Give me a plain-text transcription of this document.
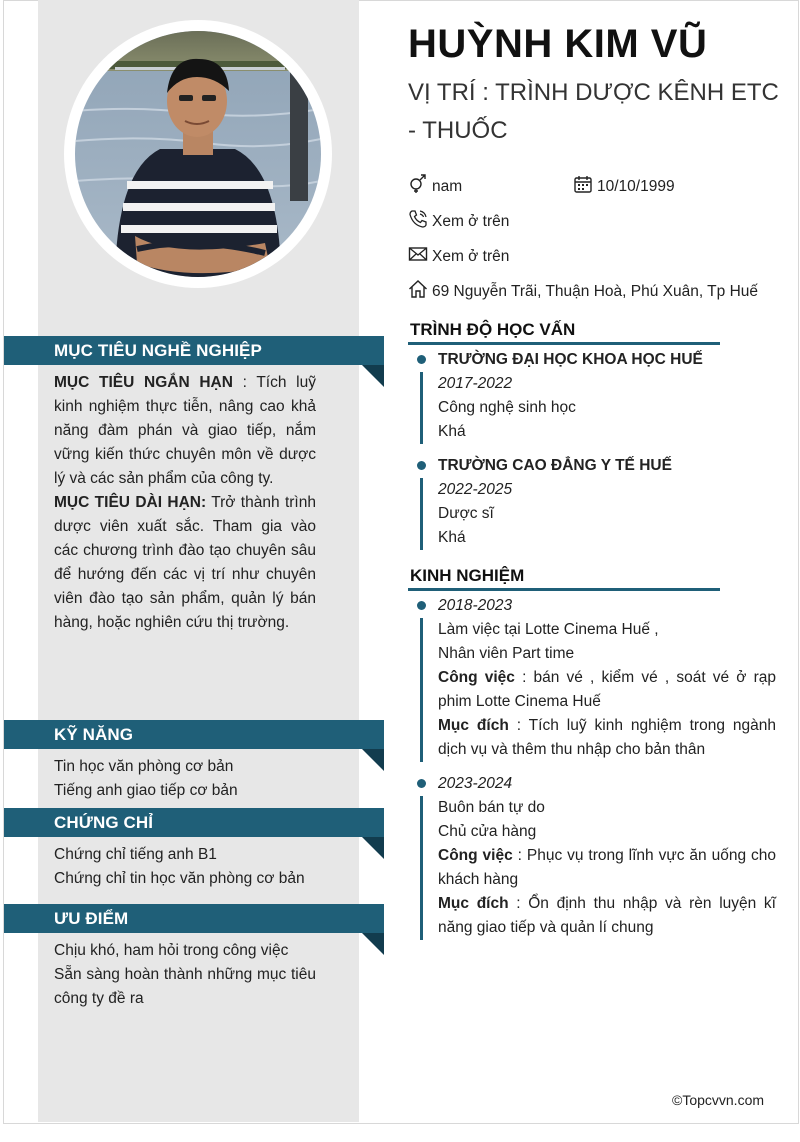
HUỲNH KIM VŨ
VỊ TRÍ : TRÌNH DƯỢC KÊNH ETC - THUỐC
nam	10/10/1999
Xem ở trên
Xem ở trên
69 Nguyễn Trãi, Thuận Hoà, Phú Xuân, Tp Huế
MỤC TIÊU NGHỀ NGHIỆP
MỤC TIÊU NGẮN HẠN : Tích luỹ kinh nghiệm thực tiễn, nâng cao khả năng đàm phán và giao tiếp, nắm vững kiến thức chuyên môn về dược lý và các sản phẩm của công ty.
MỤC TIÊU DÀI HẠN: Trở thành trình dược viên xuất sắc. Tham gia vào các chương trình đào tạo chuyên sâu để hướng đến các vị trí như chuyên viên đào tạo sản phẩm, quản lý bán hàng, hoặc nghiên cứu thị trường.
KỸ NĂNG
Tin học văn phòng cơ bản
Tiếng anh giao tiếp cơ bản
CHỨNG CHỈ
Chứng chỉ tiếng anh B1
Chứng chỉ tin học văn phòng cơ bản
ƯU ĐIỂM
Chịu khó, ham hỏi trong công việc
Sẵn sàng hoàn thành những mục tiêu công ty đề ra
TRÌNH ĐỘ HỌC VẤN
TRƯỜNG ĐẠI HỌC KHOA HỌC HUẾ
2017-2022
Công nghệ sinh học
Khá
TRƯỜNG CAO ĐẲNG Y TẾ HUẾ
2022-2025
Dược sĩ
Khá
KINH NGHIỆM
2018-2023
Làm việc tại Lotte Cinema Huế ,
Nhân viên Part time
Công việc : bán vé , kiểm vé , soát vé ở rạp phim Lotte Cinema Huế
Mục đích : Tích luỹ kinh nghiệm trong ngành dịch vụ và thêm thu nhập cho bản thân
2023-2024
Buôn bán tự do
Chủ cửa hàng
Công việc : Phục vụ trong lĩnh vực ăn uống cho khách hàng
Mục đích : Ổn định thu nhập và rèn luyện kĩ năng giao tiếp và quản lí chung
©Topcvvn.com
